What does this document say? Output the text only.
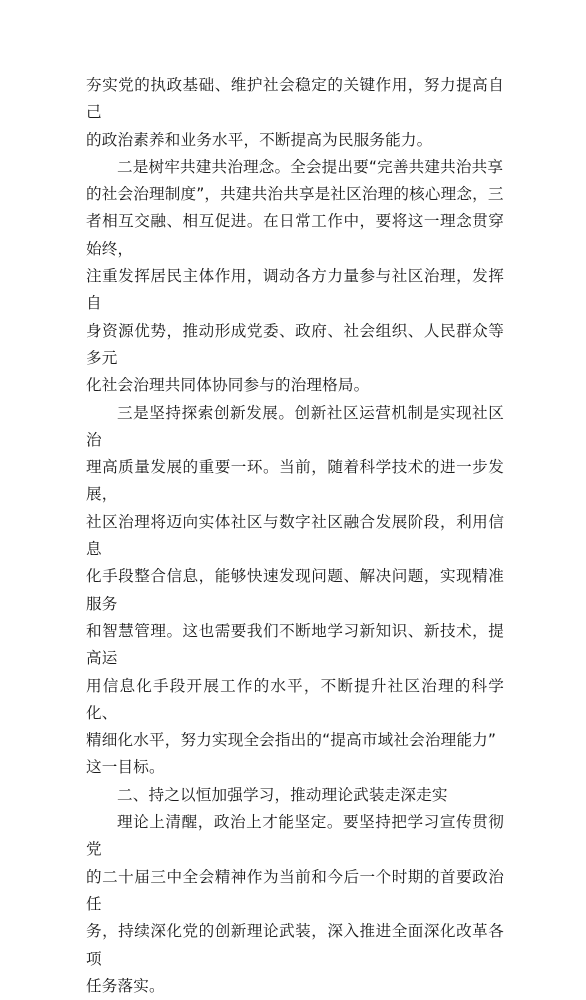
夯实党的执政基础、维护社会稳定的关键作用，努力提高自己
的政治素养和业务水平，不断提高为民服务能力。

二是树牢共建共治理念。全会提出要“完善共建共治共享
的社会治理制度”，共建共治共享是社区治理的核心理念，三
者相互交融、相互促进。在日常工作中，要将这一理念贯穿始终，
注重发挥居民主体作用，调动各方力量参与社区治理，发挥自
身资源优势，推动形成党委、政府、社会组织、人民群众等多元
化社会治理共同体协同参与的治理格局。

三是坚持探索创新发展。创新社区运营机制是实现社区治
理高质量发展的重要一环。当前，随着科学技术的进一步发展，
社区治理将迈向实体社区与数字社区融合发展阶段，利用信息
化手段整合信息，能够快速发现问题、解决问题，实现精准服务
和智慧管理。这也需要我们不断地学习新知识、新技术，提高运
用信息化手段开展工作的水平，不断提升社区治理的科学化、
精细化水平，努力实现全会指出的“提高市域社会治理能力”
这一目标。

二、持之以恒加强学习，推动理论武装走深走实

理论上清醒，政治上才能坚定。要坚持把学习宣传贯彻党
的二十届三中全会精神作为当前和今后一个时期的首要政治任
务，持续深化党的创新理论武装，深入推进全面深化改革各项
任务落实。
